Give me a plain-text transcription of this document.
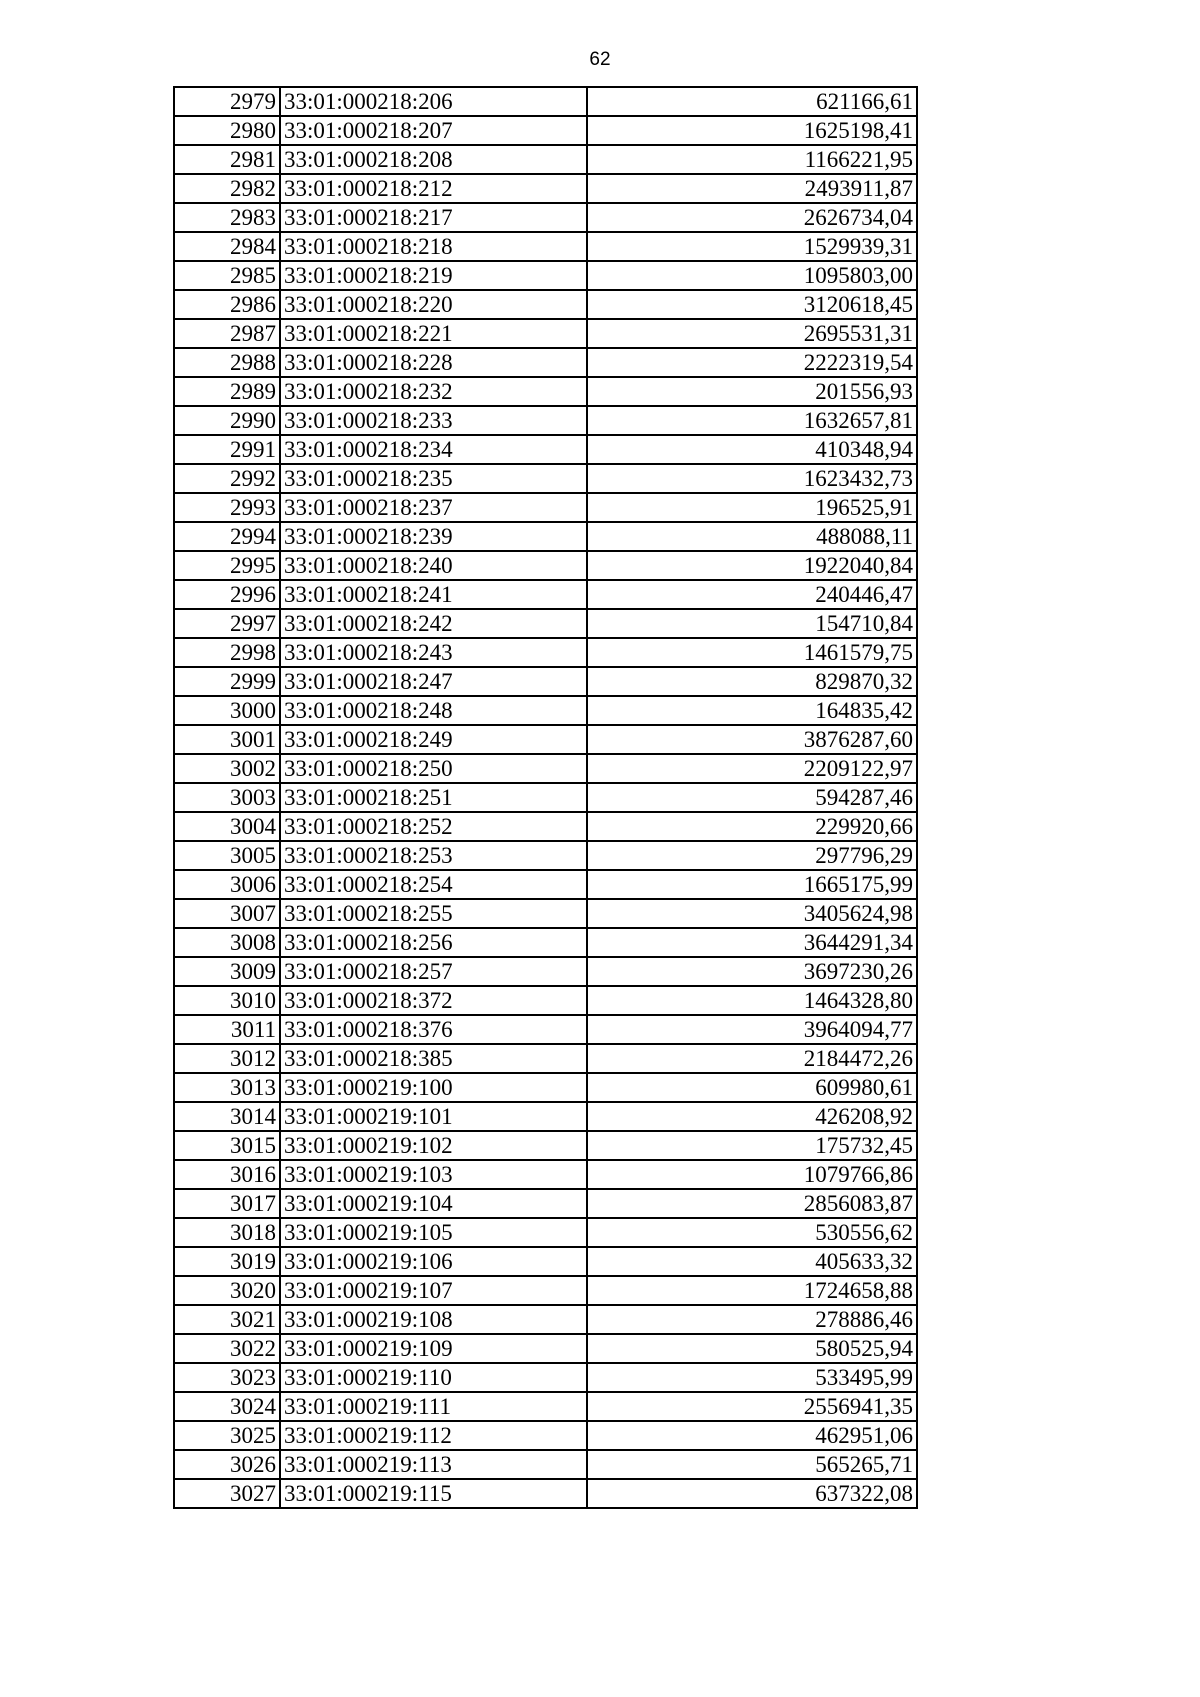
62
2979	33:01:000218:206	621166,61
2980	33:01:000218:207	1625198,41
2981	33:01:000218:208	1166221,95
2982	33:01:000218:212	2493911,87
2983	33:01:000218:217	2626734,04
2984	33:01:000218:218	1529939,31
2985	33:01:000218:219	1095803,00
2986	33:01:000218:220	3120618,45
2987	33:01:000218:221	2695531,31
2988	33:01:000218:228	2222319,54
2989	33:01:000218:232	201556,93
2990	33:01:000218:233	1632657,81
2991	33:01:000218:234	410348,94
2992	33:01:000218:235	1623432,73
2993	33:01:000218:237	196525,91
2994	33:01:000218:239	488088,11
2995	33:01:000218:240	1922040,84
2996	33:01:000218:241	240446,47
2997	33:01:000218:242	154710,84
2998	33:01:000218:243	1461579,75
2999	33:01:000218:247	829870,32
3000	33:01:000218:248	164835,42
3001	33:01:000218:249	3876287,60
3002	33:01:000218:250	2209122,97
3003	33:01:000218:251	594287,46
3004	33:01:000218:252	229920,66
3005	33:01:000218:253	297796,29
3006	33:01:000218:254	1665175,99
3007	33:01:000218:255	3405624,98
3008	33:01:000218:256	3644291,34
3009	33:01:000218:257	3697230,26
3010	33:01:000218:372	1464328,80
3011	33:01:000218:376	3964094,77
3012	33:01:000218:385	2184472,26
3013	33:01:000219:100	609980,61
3014	33:01:000219:101	426208,92
3015	33:01:000219:102	175732,45
3016	33:01:000219:103	1079766,86
3017	33:01:000219:104	2856083,87
3018	33:01:000219:105	530556,62
3019	33:01:000219:106	405633,32
3020	33:01:000219:107	1724658,88
3021	33:01:000219:108	278886,46
3022	33:01:000219:109	580525,94
3023	33:01:000219:110	533495,99
3024	33:01:000219:111	2556941,35
3025	33:01:000219:112	462951,06
3026	33:01:000219:113	565265,71
3027	33:01:000219:115	637322,08
